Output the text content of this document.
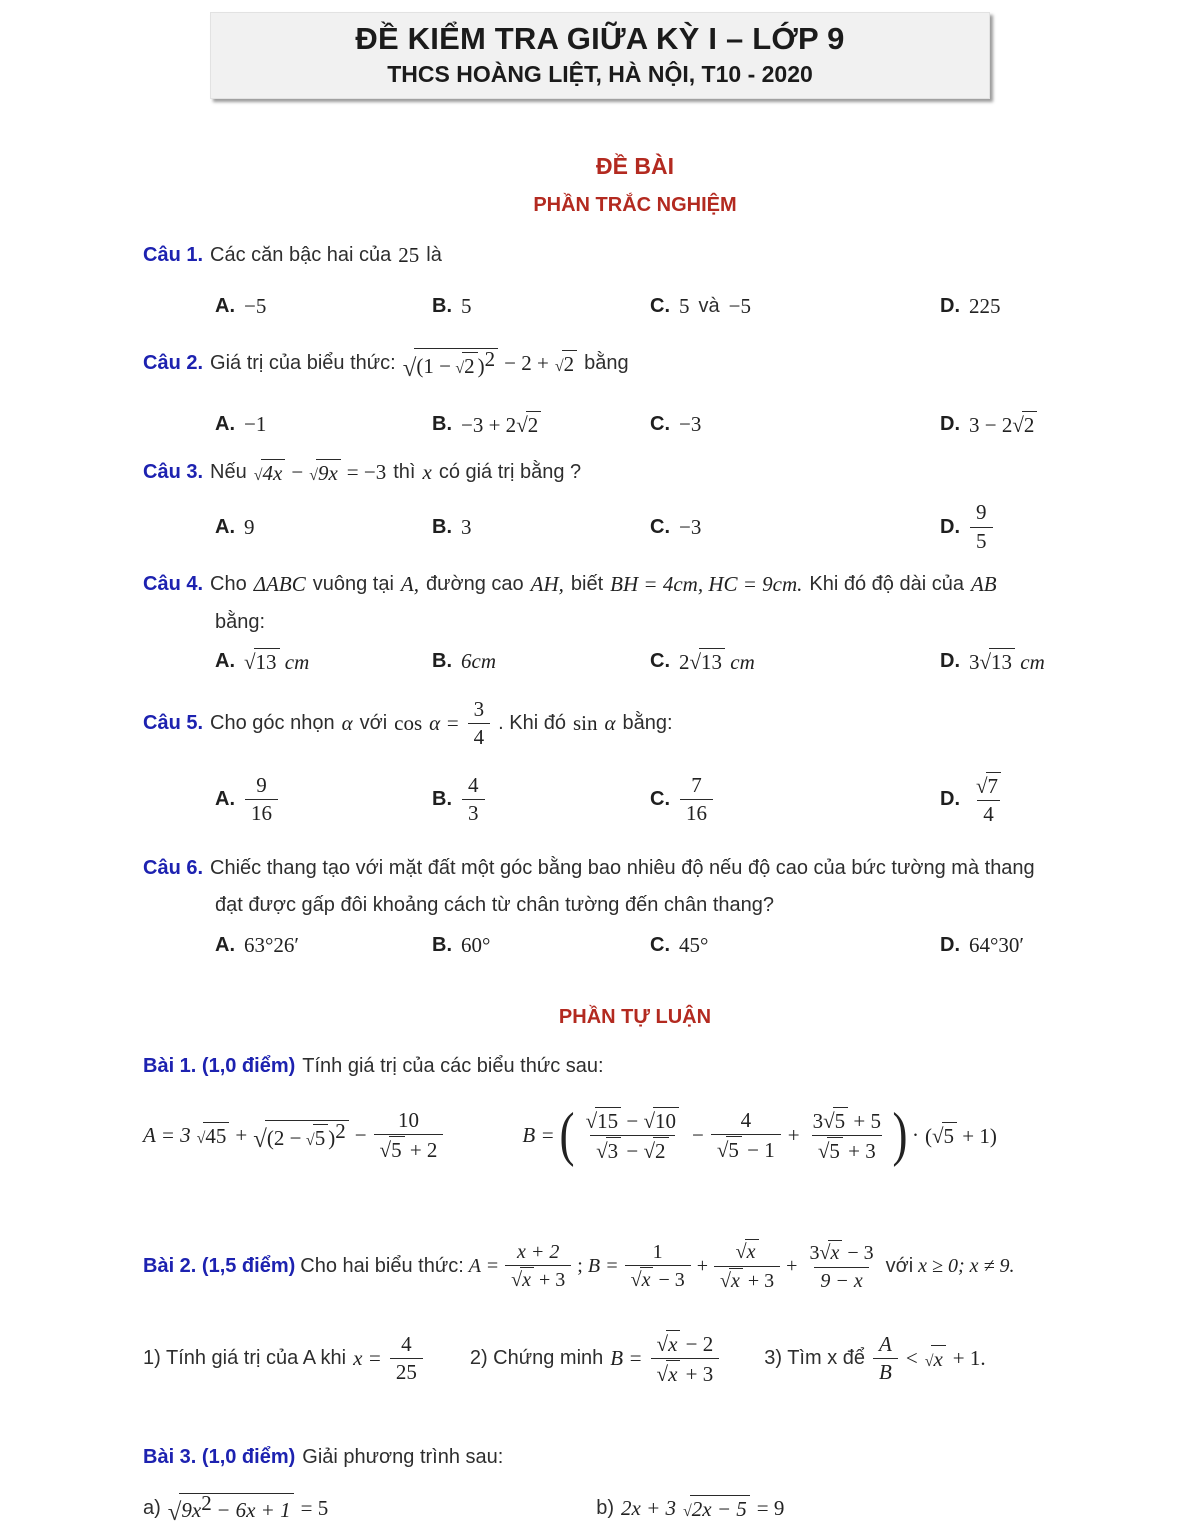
ĐỀ KIỂM TRA GIỮA KỲ I – LỚP 9
THCS HOÀNG LIỆT, HÀ NỘI, T10 - 2020
ĐỀ BÀI
PHẦN TRẮC NGHIỆM
Câu 1. Các căn bậc hai của 25 là
A. −5	B. 5	C. 5 và −5	D. 225
Câu 2. Giá trị của biểu thức: √(1 − √2 )$^2$ − 2 + √2 bằng
A. −1	B. −3 + 2√2	C. −3	D. 3 − 2√2
Câu 3. Nếu √4x − √9x = −3 thì x có giá trị bằng ?
A. 9	B. 3	C. −3	D. $\frac{9}{5}$
Câu 4. Cho ΔABC vuông tại A, đường cao AH, biết BH = 4cm, HC = 9cm. Khi đó độ dài của AB
bằng:
A. √13 cm	B. 6cm	C. 2√13 cm	D. 3√13 cm
Câu 5. Cho góc nhọn α với $\cos \alpha = \frac{3}{4}$ . Khi đó sin α bằng:
A. $\frac{9}{16}$	B. $\frac{4}{3}$	C. $\frac{7}{16}$	D. $\frac{√7}{4}$
Câu 6. Chiếc thang tạo với mặt đất một góc bằng bao nhiêu độ nếu độ cao của bức tường mà thang
đạt được gấp đôi khoảng cách từ chân tường đến chân thang?
A. 63°26′	B. 60°	C. 45°	D. 64°30′
PHẦN TỰ LUẬN
Bài 1. (1,0 điểm) Tính giá trị của các biểu thức sau:
A = 3 √45 + √(2 − √5 )$^2 - \frac{10}{√5 + 2}$	B = ( $\frac{√15 - √10}{√3 - √2} - \frac{4}{√5 - 1} + \frac{3√5 + 5}{√5 + 3}$ ) · (√5 + 1)
Bài 2. (1,5 điểm) Cho hai biểu thức: $A = \frac{x + 2}{√x + 3}$ ; $B = \frac{1}{√x - 3} + \frac{√x}{√x + 3} + \frac{3√x - 3}{9 - x}$ với x ≥ 0; x ≠ 9.
1) Tính giá trị của A khi $x = \frac{4}{25} 2$) Chứng minh $B = \frac{√x - 2}{√x + 3} 3$) Tìm x để $\frac{A}{B} < √x + 1$.
Bài 3. (1,0 điểm) Giải phương trình sau:
a) $√9x^2 - 6x + 1 = 5$	b) 2x + 3 √2x − 5 = 9
